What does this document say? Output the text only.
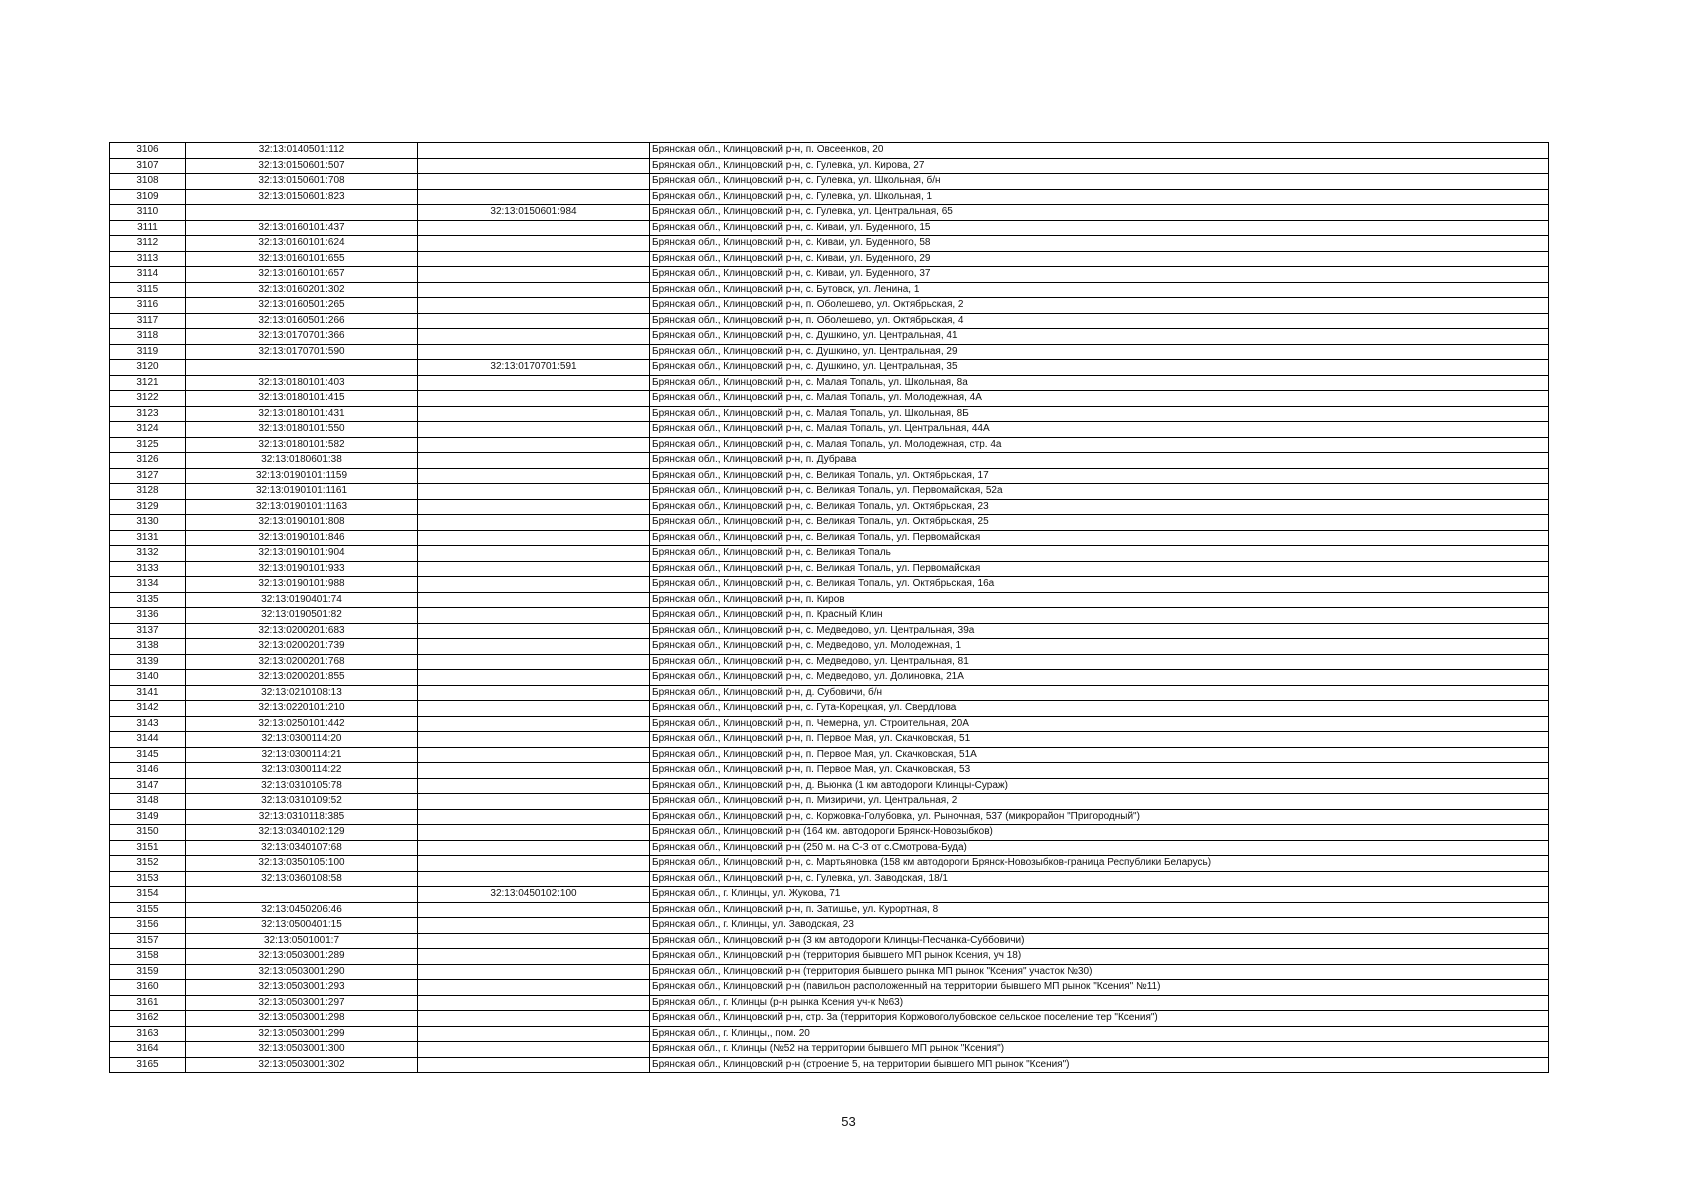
3106	32:13:0140501:112		Брянская обл., Клинцовский р-н, п. Овсеенков, 20
3107	32:13:0150601:507		Брянская обл., Клинцовский р-н, с. Гулевка, ул. Кирова, 27
3108	32:13:0150601:708		Брянская обл., Клинцовский р-н, с. Гулевка, ул. Школьная, б/н
3109	32:13:0150601:823		Брянская обл., Клинцовский р-н, с. Гулевка, ул. Школьная, 1
3110		32:13:0150601:984	Брянская обл., Клинцовский р-н, с. Гулевка, ул. Центральная, 65
3111	32:13:0160101:437		Брянская обл., Клинцовский р-н, с. Киваи, ул. Буденного, 15
3112	32:13:0160101:624		Брянская обл., Клинцовский р-н, с. Киваи, ул. Буденного, 58
3113	32:13:0160101:655		Брянская обл., Клинцовский р-н, с. Киваи, ул. Буденного, 29
3114	32:13:0160101:657		Брянская обл., Клинцовский р-н, с. Киваи, ул. Буденного, 37
3115	32:13:0160201:302		Брянская обл., Клинцовский р-н, с. Бутовск, ул. Ленина, 1
3116	32:13:0160501:265		Брянская обл., Клинцовский р-н, п. Оболешево, ул. Октябрьская, 2
3117	32:13:0160501:266		Брянская обл., Клинцовский р-н, п. Оболешево, ул. Октябрьская, 4
3118	32:13:0170701:366		Брянская обл., Клинцовский р-н, с. Душкино, ул. Центральная, 41
3119	32:13:0170701:590		Брянская обл., Клинцовский р-н, с. Душкино, ул. Центральная, 29
3120		32:13:0170701:591	Брянская обл., Клинцовский р-н, с. Душкино, ул. Центральная, 35
3121	32:13:0180101:403		Брянская обл., Клинцовский р-н, с. Малая Топаль, ул. Школьная, 8а
3122	32:13:0180101:415		Брянская обл., Клинцовский р-н, с. Малая Топаль, ул. Молодежная, 4А
3123	32:13:0180101:431		Брянская обл., Клинцовский р-н, с. Малая Топаль, ул. Школьная, 8Б
3124	32:13:0180101:550		Брянская обл., Клинцовский р-н, с. Малая Топаль, ул. Центральная, 44А
3125	32:13:0180101:582		Брянская обл., Клинцовский р-н, с. Малая Топаль, ул. Молодежная, стр. 4а
3126	32:13:0180601:38		Брянская обл., Клинцовский р-н, п. Дубрава
3127	32:13:0190101:1159		Брянская обл., Клинцовский р-н, с. Великая Топаль, ул. Октябрьская, 17
3128	32:13:0190101:1161		Брянская обл., Клинцовский р-н, с. Великая Топаль, ул. Первомайская, 52а
3129	32:13:0190101:1163		Брянская обл., Клинцовский р-н, с. Великая Топаль, ул. Октябрьская, 23
3130	32:13:0190101:808		Брянская обл., Клинцовский р-н, с. Великая Топаль, ул. Октябрьская, 25
3131	32:13:0190101:846		Брянская обл., Клинцовский р-н, с. Великая Топаль, ул. Первомайская
3132	32:13:0190101:904		Брянская обл., Клинцовский р-н, с. Великая Топаль
3133	32:13:0190101:933		Брянская обл., Клинцовский р-н, с. Великая Топаль, ул. Первомайская
3134	32:13:0190101:988		Брянская обл., Клинцовский р-н, с. Великая Топаль, ул. Октябрьская, 16а
3135	32:13:0190401:74		Брянская обл., Клинцовский р-н, п. Киров
3136	32:13:0190501:82		Брянская обл., Клинцовский р-н, п. Красный Клин
3137	32:13:0200201:683		Брянская обл., Клинцовский р-н, с. Медведово, ул. Центральная, 39а
3138	32:13:0200201:739		Брянская обл., Клинцовский р-н, с. Медведово, ул. Молодежная, 1
3139	32:13:0200201:768		Брянская обл., Клинцовский р-н, с. Медведово, ул. Центральная, 81
3140	32:13:0200201:855		Брянская обл., Клинцовский р-н, с. Медведово, ул. Долиновка, 21А
3141	32:13:0210108:13		Брянская обл., Клинцовский р-н, д. Субовичи, б/н
3142	32:13:0220101:210		Брянская обл., Клинцовский р-н, с. Гута-Корецкая, ул. Свердлова
3143	32:13:0250101:442		Брянская обл., Клинцовский р-н, п. Чемерна, ул. Строительная, 20А
3144	32:13:0300114:20		Брянская обл., Клинцовский р-н, п. Первое Мая, ул. Скачковская, 51
3145	32:13:0300114:21		Брянская обл., Клинцовский р-н, п. Первое Мая, ул. Скачковская, 51А
3146	32:13:0300114:22		Брянская обл., Клинцовский р-н, п. Первое Мая, ул. Скачковская, 53
3147	32:13:0310105:78		Брянская обл., Клинцовский р-н, д. Вьюнка (1 км автодороги Клинцы-Сураж)
3148	32:13:0310109:52		Брянская обл., Клинцовский р-н, п. Мизиричи, ул. Центральная, 2
3149	32:13:0310118:385		Брянская обл., Клинцовский р-н, с. Коржовка-Голубовка, ул. Рыночная, 537 (микрорайон "Пригородный")
3150	32:13:0340102:129		Брянская обл., Клинцовский р-н (164 км. автодороги Брянск-Новозыбков)
3151	32:13:0340107:68		Брянская обл., Клинцовский р-н (250 м. на С-З от с.Смотрова-Буда)
3152	32:13:0350105:100		Брянская обл., Клинцовский р-н, с. Мартьяновка (158 км автодороги Брянск-Новозыбков-граница Республики Беларусь)
3153	32:13:0360108:58		Брянская обл., Клинцовский р-н, с. Гулевка, ул. Заводская, 18/1
3154		32:13:0450102:100	Брянская обл., г. Клинцы, ул. Жукова, 71
3155	32:13:0450206:46		Брянская обл., Клинцовский р-н, п. Затишье, ул. Курортная, 8
3156	32:13:0500401:15		Брянская обл., г. Клинцы, ул. Заводская, 23
3157	32:13:0501001:7		Брянская обл., Клинцовский р-н (3 км автодороги Клинцы-Песчанка-Суббовичи)
3158	32:13:0503001:289		Брянская обл., Клинцовский р-н (территория бывшего МП рынок Ксения, уч 18)
3159	32:13:0503001:290		Брянская обл., Клинцовский р-н (территория бывшего рынка МП рынок "Ксения" участок №30)
3160	32:13:0503001:293		Брянская обл., Клинцовский р-н (павильон расположенный на территории бывшего МП рынок "Ксения" №11)
3161	32:13:0503001:297		Брянская обл., г. Клинцы (р-н рынка Ксения уч-к №63)
3162	32:13:0503001:298		Брянская обл., Клинцовский р-н, стр. 3а (территория Коржовоголубовское сельское поселение тер "Ксения")
3163	32:13:0503001:299		Брянская обл., г. Клинцы,, пом. 20
3164	32:13:0503001:300		Брянская обл., г. Клинцы (№52 на территории бывшего МП рынок "Ксения")
3165	32:13:0503001:302		Брянская обл., Клинцовский р-н (строение 5, на территории бывшего МП рынок "Ксения")
53
